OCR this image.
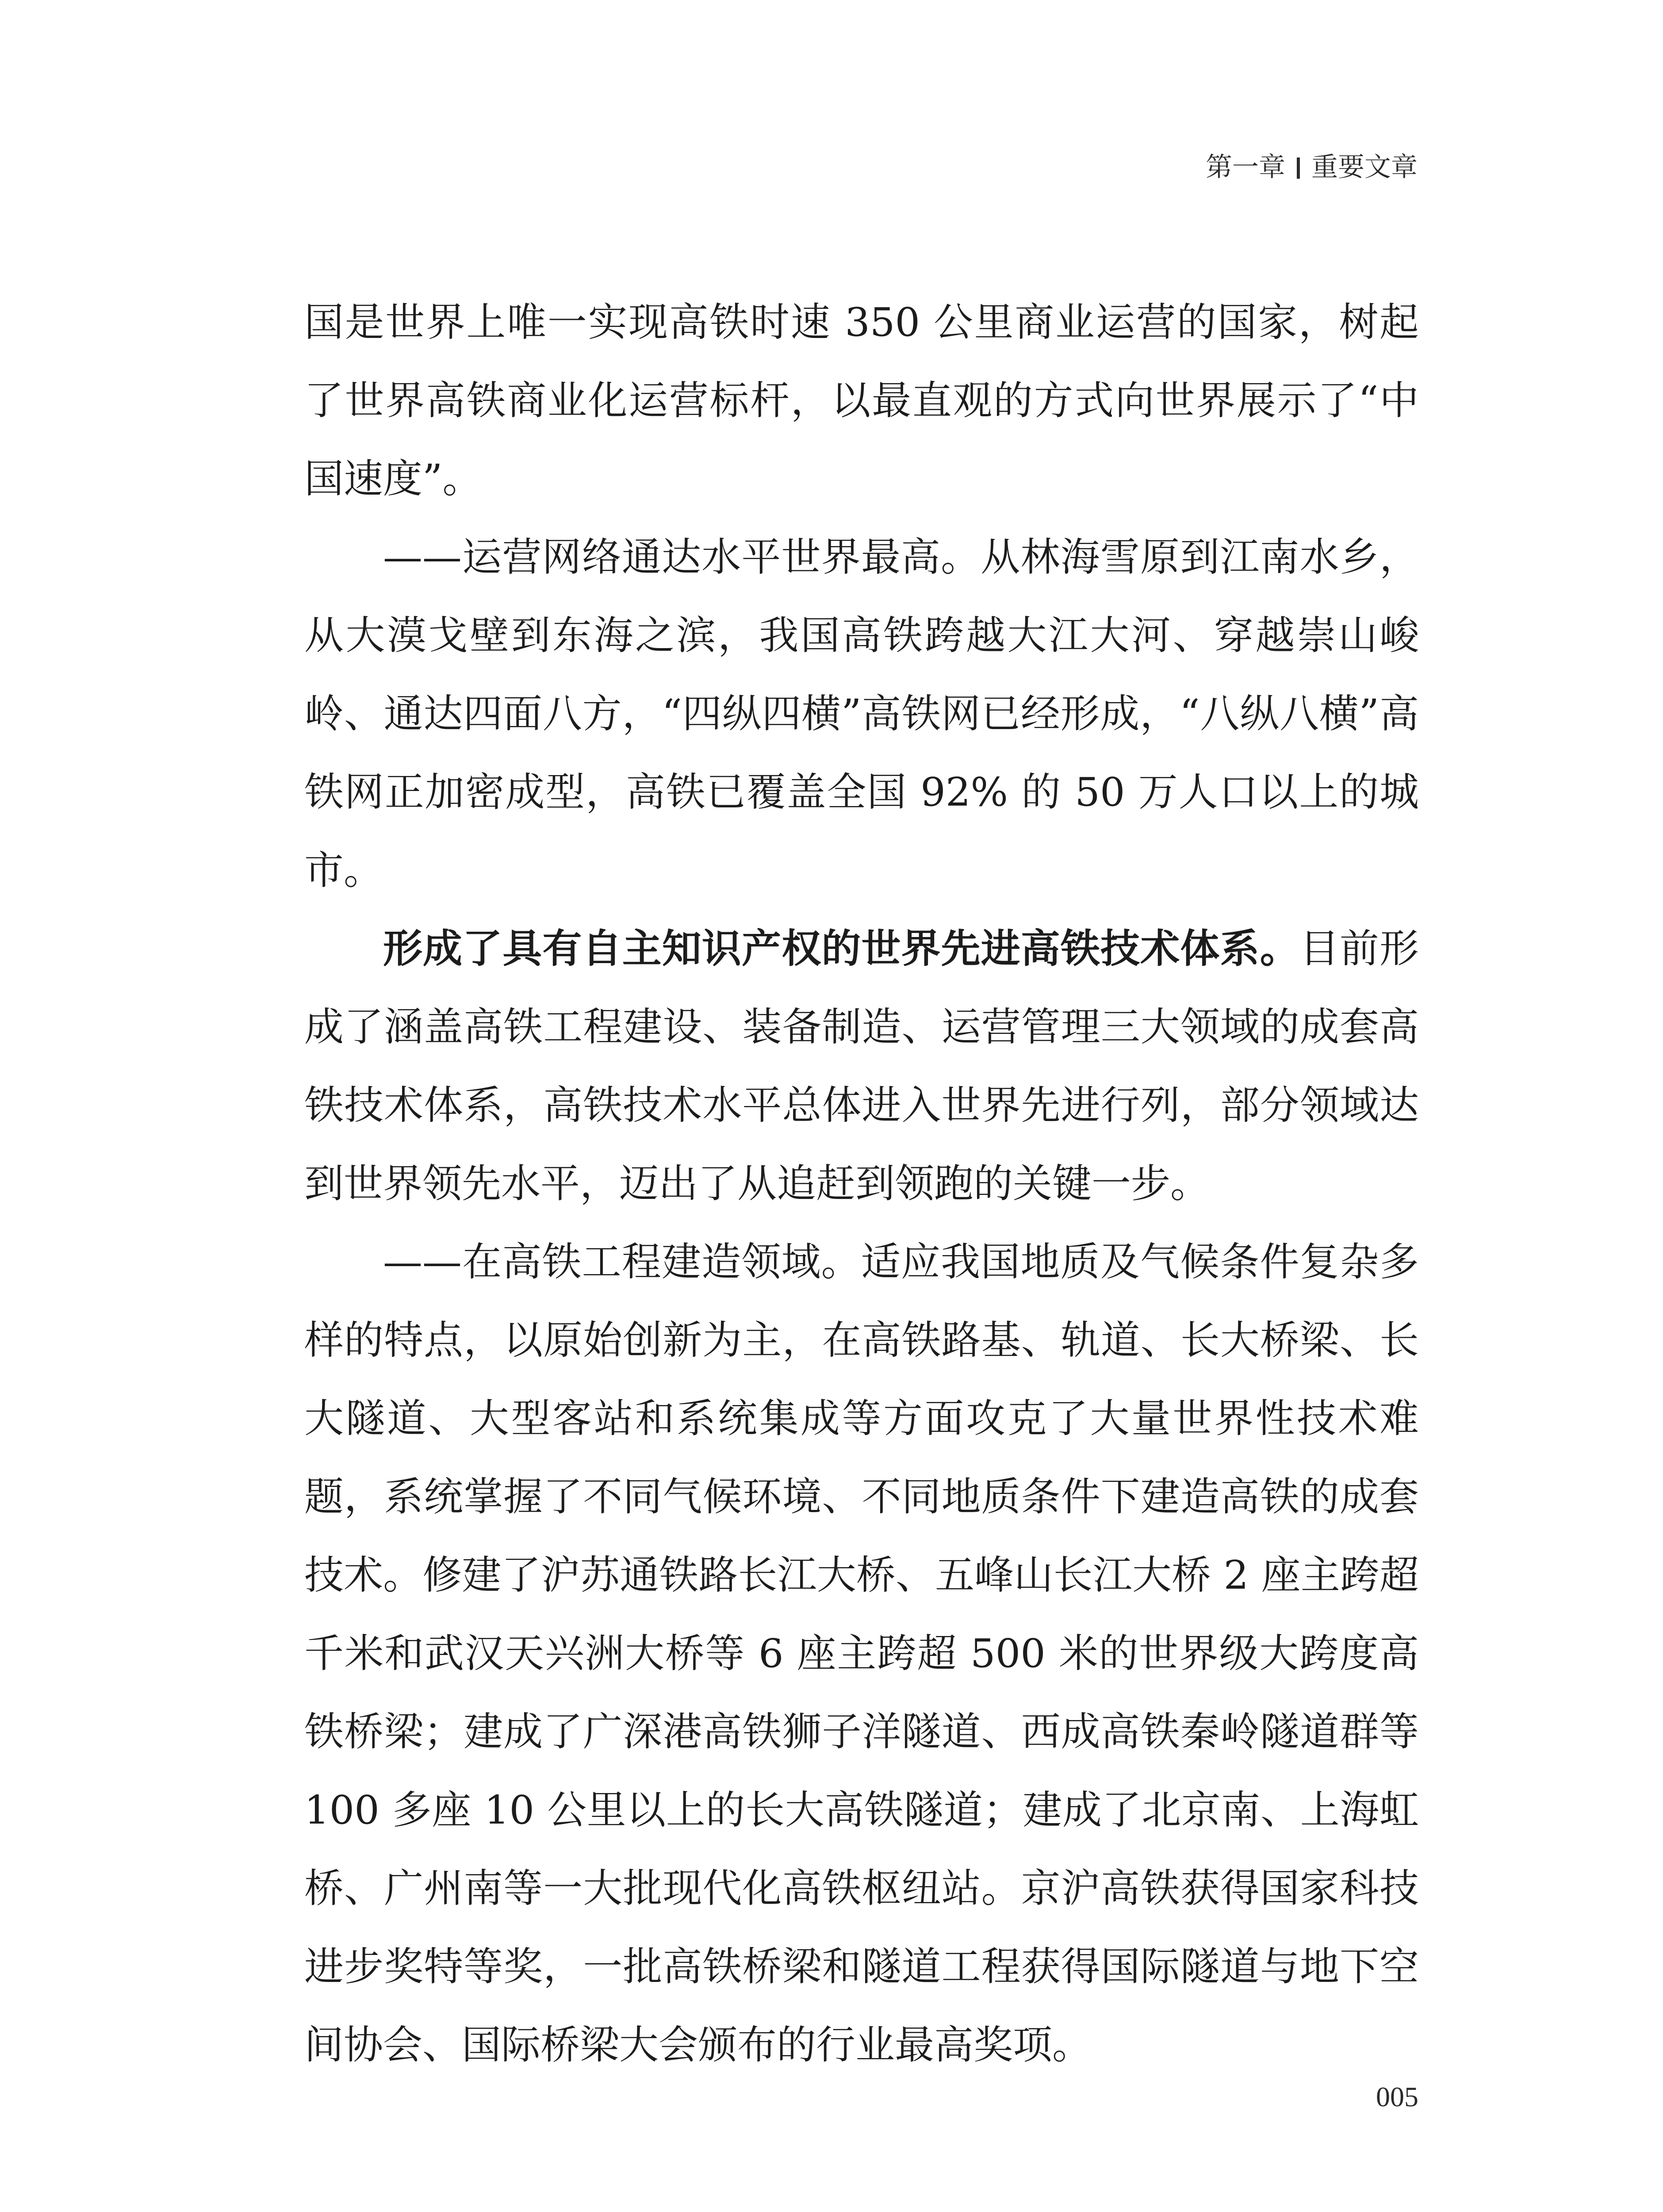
第一章 重要文章

国是世界上唯一实现高铁时速 350 公里商业运营的国家，树起了世界高铁商业化运营标杆，以最直观的方式向世界展示了“中国速度”。

——运营网络通达水平世界最高。从林海雪原到江南水乡，从大漠戈壁到东海之滨，我国高铁跨越大江大河、穿越崇山峻岭、通达四面八方，“四纵四横”高铁网已经形成，“八纵八横”高铁网正加密成型，高铁已覆盖全国 92% 的 50 万人口以上的城市。

形成了具有自主知识产权的世界先进高铁技术体系。目前形成了涵盖高铁工程建设、装备制造、运营管理三大领域的成套高铁技术体系，高铁技术水平总体进入世界先进行列，部分领域达到世界领先水平，迈出了从追赶到领跑的关键一步。

——在高铁工程建造领域。适应我国地质及气候条件复杂多样的特点，以原始创新为主，在高铁路基、轨道、长大桥梁、长大隧道、大型客站和系统集成等方面攻克了大量世界性技术难题，系统掌握了不同气候环境、不同地质条件下建造高铁的成套技术。修建了沪苏通铁路长江大桥、五峰山长江大桥 2 座主跨超千米和武汉天兴洲大桥等 6 座主跨超 500 米的世界级大跨度高铁桥梁；建成了广深港高铁狮子洋隧道、西成高铁秦岭隧道群等 100 多座 10 公里以上的长大高铁隧道；建成了北京南、上海虹桥、广州南等一大批现代化高铁枢纽站。京沪高铁获得国家科技进步奖特等奖，一批高铁桥梁和隧道工程获得国际隧道与地下空间协会、国际桥梁大会颁布的行业最高奖项。

005
